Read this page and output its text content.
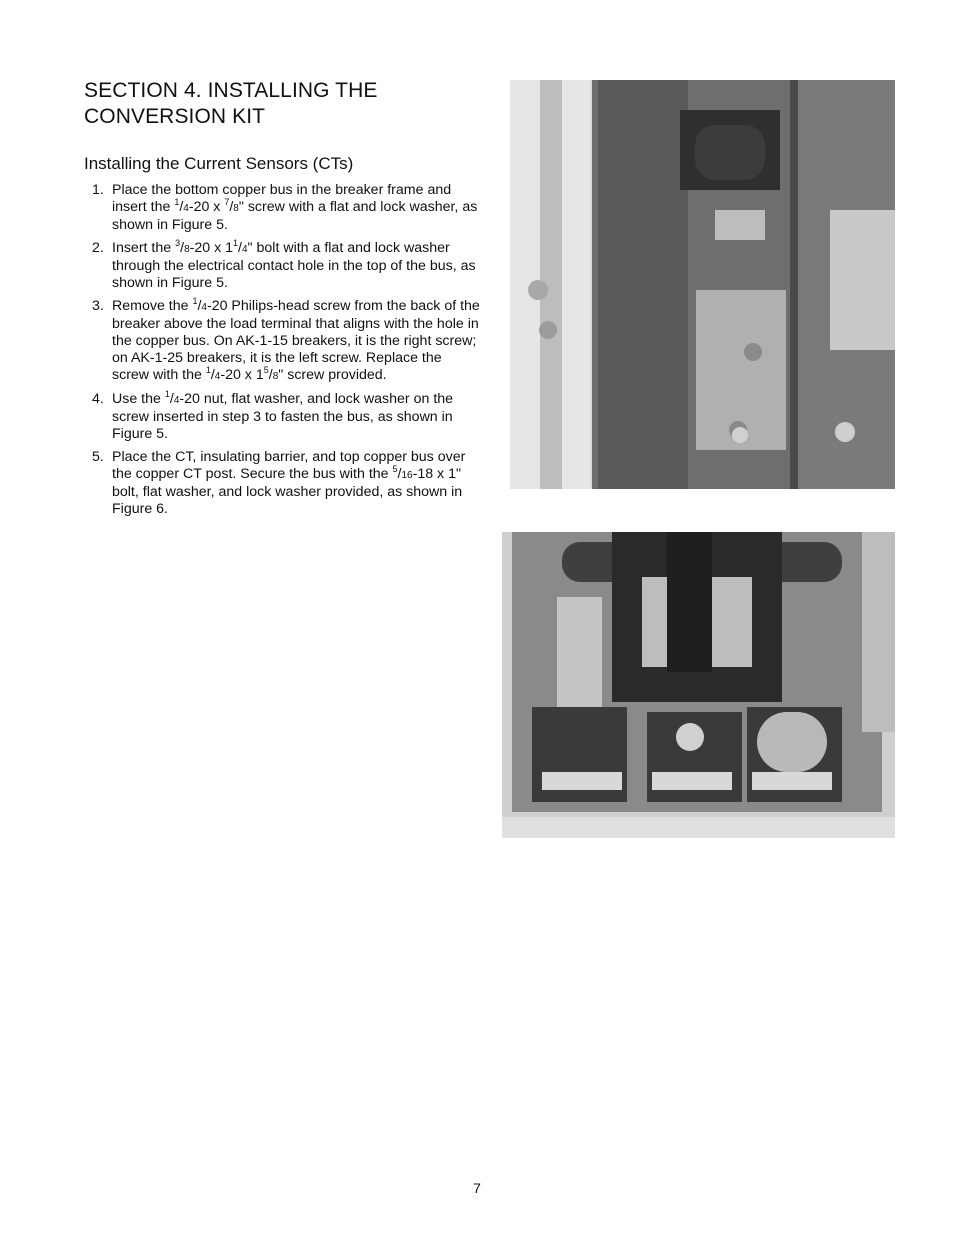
SECTION 4. INSTALLING THE CONVERSION KIT
Installing the Current Sensors (CTs)
1. Place the bottom copper bus in the breaker frame and insert the $^1$/4-20 x $^7$/8" screw with a flat and lock washer, as shown in Figure 5.
2. Insert the $^3$/8-20 x $1^1/4$" bolt with a flat and lock washer through the electrical contact hole in the top of the bus, as shown in Figure 5.
3. Remove the $^1$/4-20 Philips-head screw from the back of the breaker above the load terminal that aligns with the hole in the copper bus. On AK-1-15 breakers, it is the right screw; on AK-1-25 breakers, it is the left screw. Replace the screw with the $^1$/4-20 x $1^5/8$" screw provided.
4. Use the $^1$/4-20 nut, flat washer, and lock washer on the screw inserted in step 3 to fasten the bus, as shown in Figure 5.
5. Place the CT, insulating barrier, and top copper bus over the copper CT post. Secure the bus with the $^5$/16-18 x 1" bolt, flat washer, and lock washer provided, as shown in Figure 6.
7
